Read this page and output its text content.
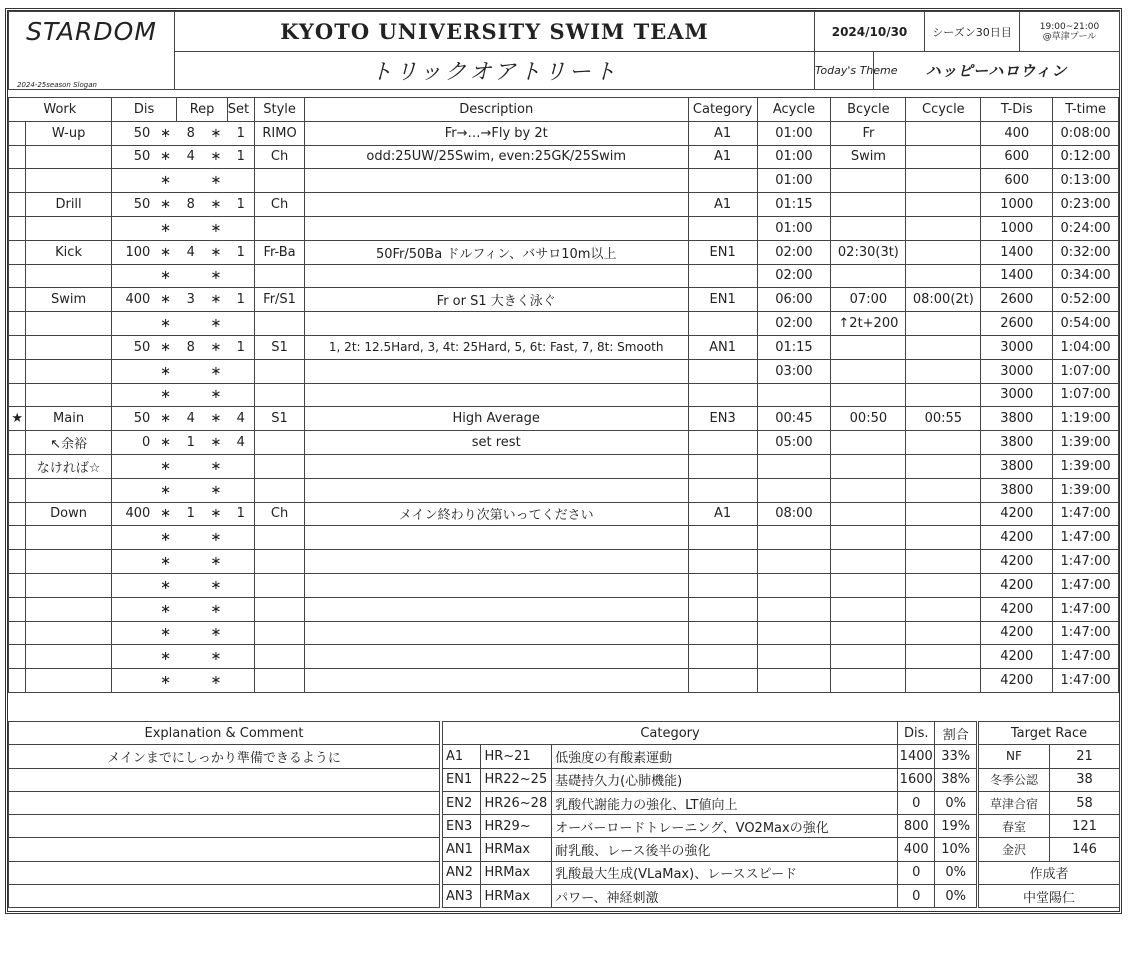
STARDOM	KYOTO UNIVERSITY SWIM TEAM	2024/10/30		シーズン30日目	19:00~21:00
@草津プール

2024-25season Slogan	トリックオアトリート	Today's Theme	ハッピーハロウィン		
Work		Dis		Rep		Set	Style	Description	Category	Acycle	Bcycle	Ccycle	T-Dis	T-time
	W-up	50	∗	8	∗	1	RIMO	Fr→…→Fly by 2t	A1	01:00	Fr		400	0:08:00
		50	∗	4	∗	1	Ch	odd:25UW/25Swim, even:25GK/25Swim	A1	01:00	Swim		600	0:12:00
			∗		∗					01:00			600	0:13:00
	Drill	50	∗	8	∗	1	Ch		A1	01:15			1000	0:23:00
			∗		∗					01:00			1000	0:24:00
	Kick	100	∗	4	∗	1	Fr-Ba	50Fr/50Ba ドルフィン、バサロ10m以上	EN1	02:00	02:30(3t)		1400	0:32:00
			∗		∗					02:00			1400	0:34:00
	Swim	400	∗	3	∗	1	Fr/S1	Fr or S1 大きく泳ぐ	EN1	06:00	07:00	08:00(2t)	2600	0:52:00
			∗		∗					02:00	↑2t+200		2600	0:54:00
		50	∗	8	∗	1	S1	1, 2t: 12.5Hard, 3, 4t: 25Hard, 5, 6t: Fast, 7, 8t: Smooth	AN1	01:15			3000	1:04:00
			∗		∗					03:00			3000	1:07:00
			∗		∗								3000	1:07:00
★	Main	50	∗	4	∗	4	S1	High Average	EN3	00:45	00:50	00:55	3800	1:19:00
	↖余裕	0	∗	1	∗	4		set rest		05:00			3800	1:39:00
	なければ☆		∗		∗								3800	1:39:00
			∗		∗								3800	1:39:00
	Down	400	∗	1	∗	1	Ch	メイン終わり次第いってください	A1	08:00			4200	1:47:00
			∗		∗								4200	1:47:00
			∗		∗								4200	1:47:00
			∗		∗								4200	1:47:00
			∗		∗								4200	1:47:00
			∗		∗								4200	1:47:00
			∗		∗								4200	1:47:00
			∗		∗								4200	1:47:00
Explanation & Comment
メインまでにしっかり準備できるように

Category			Dis.	割合
A1	HR~21	低強度の有酸素運動	1400	33%
EN1	HR22~25	基礎持久力(心肺機能)	1600	38%
EN2	HR26~28	乳酸代謝能力の強化、LT値向上	0	0%
EN3	HR29~	オーバーロードトレーニング、VO2Maxの強化	800	19%
AN1	HRMax	耐乳酸、レース後半の強化	400	10%
AN2	HRMax	乳酸最大生成(VLaMax)、レーススピード	0	0%
AN3	HRMax	パワー、神経刺激	0	0%
Target Race	
NF	21
冬季公認	38
草津合宿	58
春室	121
金沢	146
作成者	
中堂陽仁	
